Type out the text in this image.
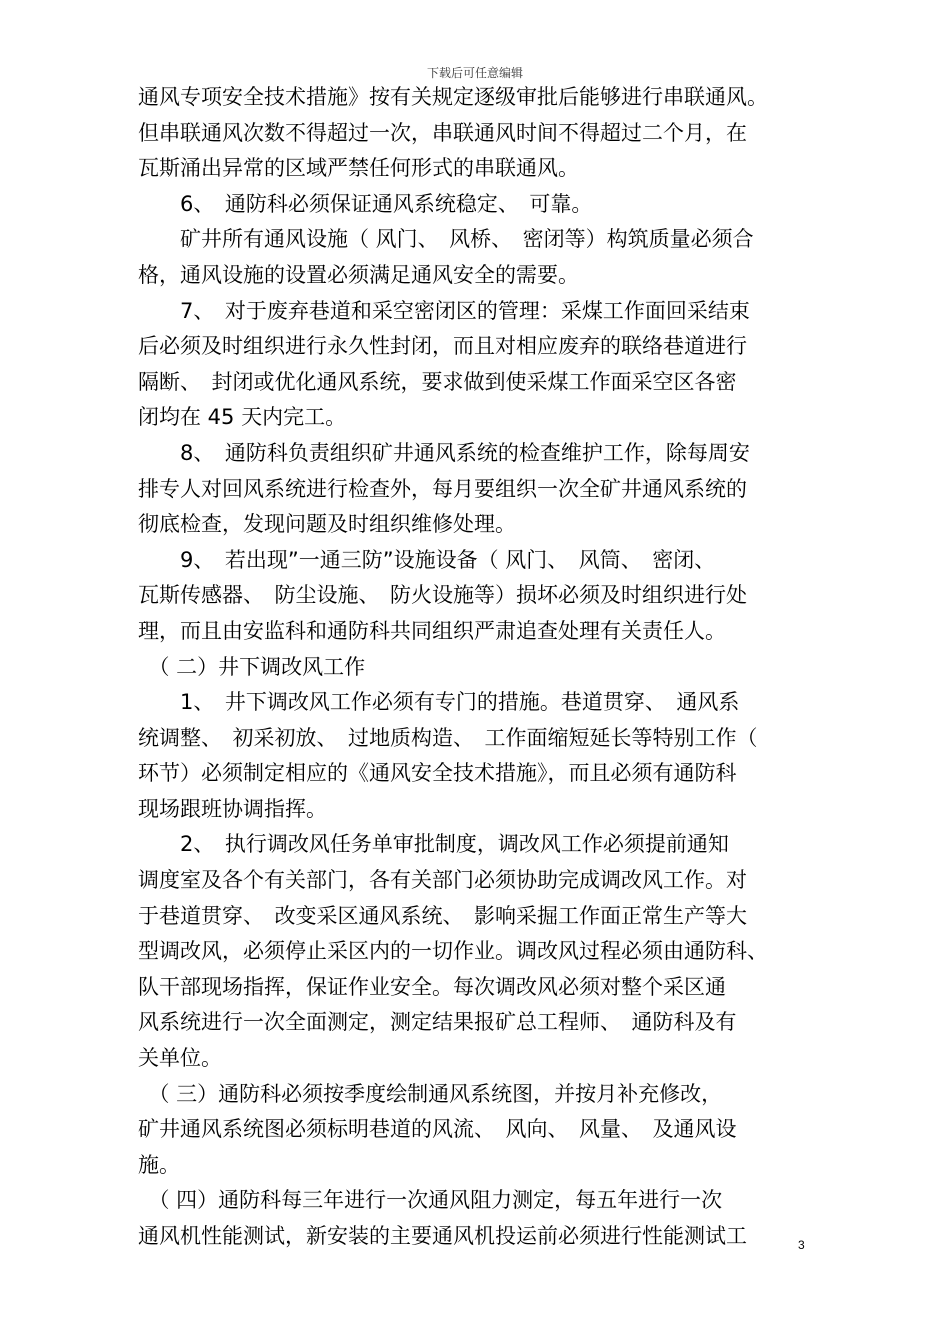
下载后可任意编辑
通风专项安全技术措施》按有关规定逐级审批后能够进行串联通风。
但串联通风次数不得超过一次，串联通风时间不得超过二个月，在
瓦斯涌出异常的区域严禁任何形式的串联通风。
　　6、　通防科必须保证通风系统稳定、　可靠。
　　矿井所有通风设施（ 风门、　风桥、　密闭等）构筑质量必须合
格，通风设施的设置必须满足通风安全的需要。
　　7、　对于废弃巷道和采空密闭区的管理：采煤工作面回采结束
后必须及时组织进行永久性封闭，而且对相应废弃的联络巷道进行
隔断、　封闭或优化通风系统，要求做到使采煤工作面采空区各密
闭均在 45 天内完工。
　　8、　通防科负责组织矿井通风系统的检查维护工作，除每周安
排专人对回风系统进行检查外，每月要组织一次全矿井通风系统的
彻底检查，发现问题及时组织维修处理。
　　9、　若出现”一通三防”设施设备（ 风门、　风筒、　密闭、
瓦斯传感器、　防尘设施、　防火设施等）损坏必须及时组织进行处
理，而且由安监科和通防科共同组织严肃追查处理有关责任人。
　（ 二）井下调改风工作
　　1、　井下调改风工作必须有专门的措施。巷道贯穿、　通风系
统调整、　初采初放、　过地质构造、　工作面缩短延长等特别工作（
环节）必须制定相应的《通风安全技术措施》，而且必须有通防科
现场跟班协调指挥。
　　2、　执行调改风任务单审批制度，调改风工作必须提前通知
调度室及各个有关部门，各有关部门必须协助完成调改风工作。对
于巷道贯穿、　改变采区通风系统、　影响采掘工作面正常生产等大
型调改风，必须停止采区内的一切作业。调改风过程必须由通防科、
队干部现场指挥，保证作业安全。每次调改风必须对整个采区通
风系统进行一次全面测定，测定结果报矿总工程师、　通防科及有
关单位。
　（ 三）通防科必须按季度绘制通风系统图，并按月补充修改，
矿井通风系统图必须标明巷道的风流、　风向、　风量、　及通风设
施。
　（ 四）通防科每三年进行一次通风阻力测定，每五年进行一次
通风机性能测试，新安装的主要通风机投运前必须进行性能测试工	3
